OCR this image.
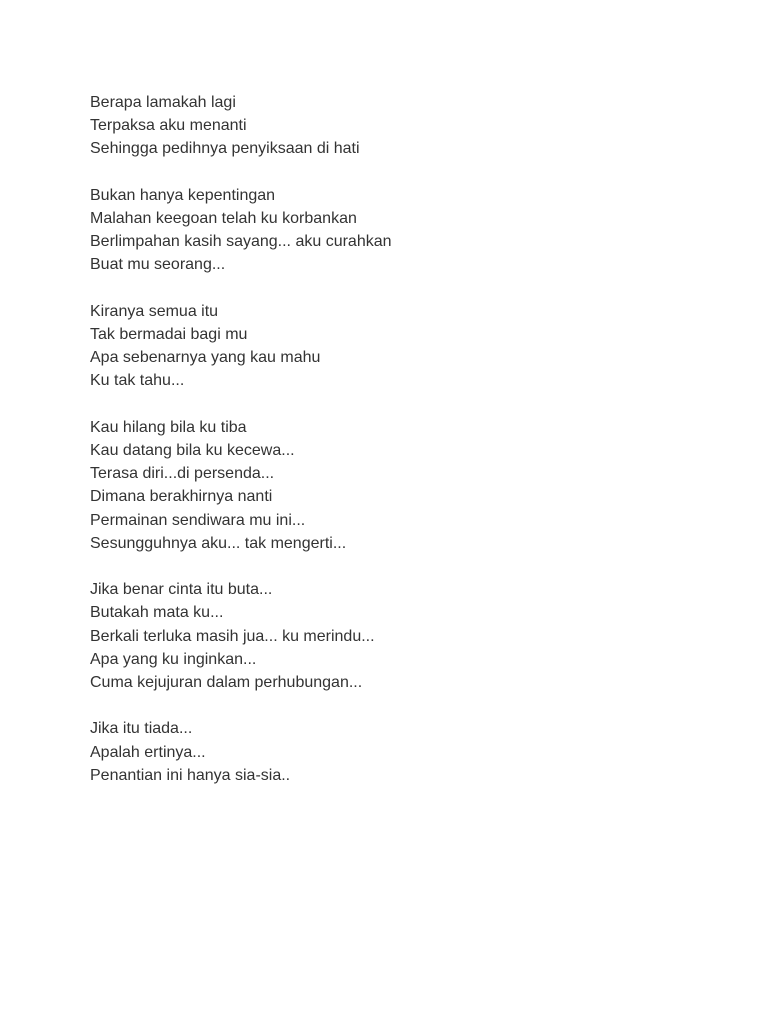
Berapa lamakah lagi
Terpaksa aku menanti
Sehingga pedihnya penyiksaan di hati
Bukan hanya kepentingan
Malahan keegoan telah ku korbankan
Berlimpahan kasih sayang... aku curahkan
Buat mu seorang...
Kiranya semua itu
Tak bermadai bagi mu
Apa sebenarnya yang kau mahu
Ku tak tahu...
Kau hilang bila ku tiba
Kau datang bila ku kecewa...
Terasa diri...di persenda...
Dimana berakhirnya nanti
Permainan sendiwara mu ini...
Sesungguhnya aku... tak mengerti...
Jika benar cinta itu buta...
Butakah mata ku...
Berkali terluka masih jua... ku merindu...
Apa yang ku inginkan...
Cuma kejujuran dalam perhubungan...
Jika itu tiada...
Apalah ertinya...
Penantian ini hanya sia-sia..
